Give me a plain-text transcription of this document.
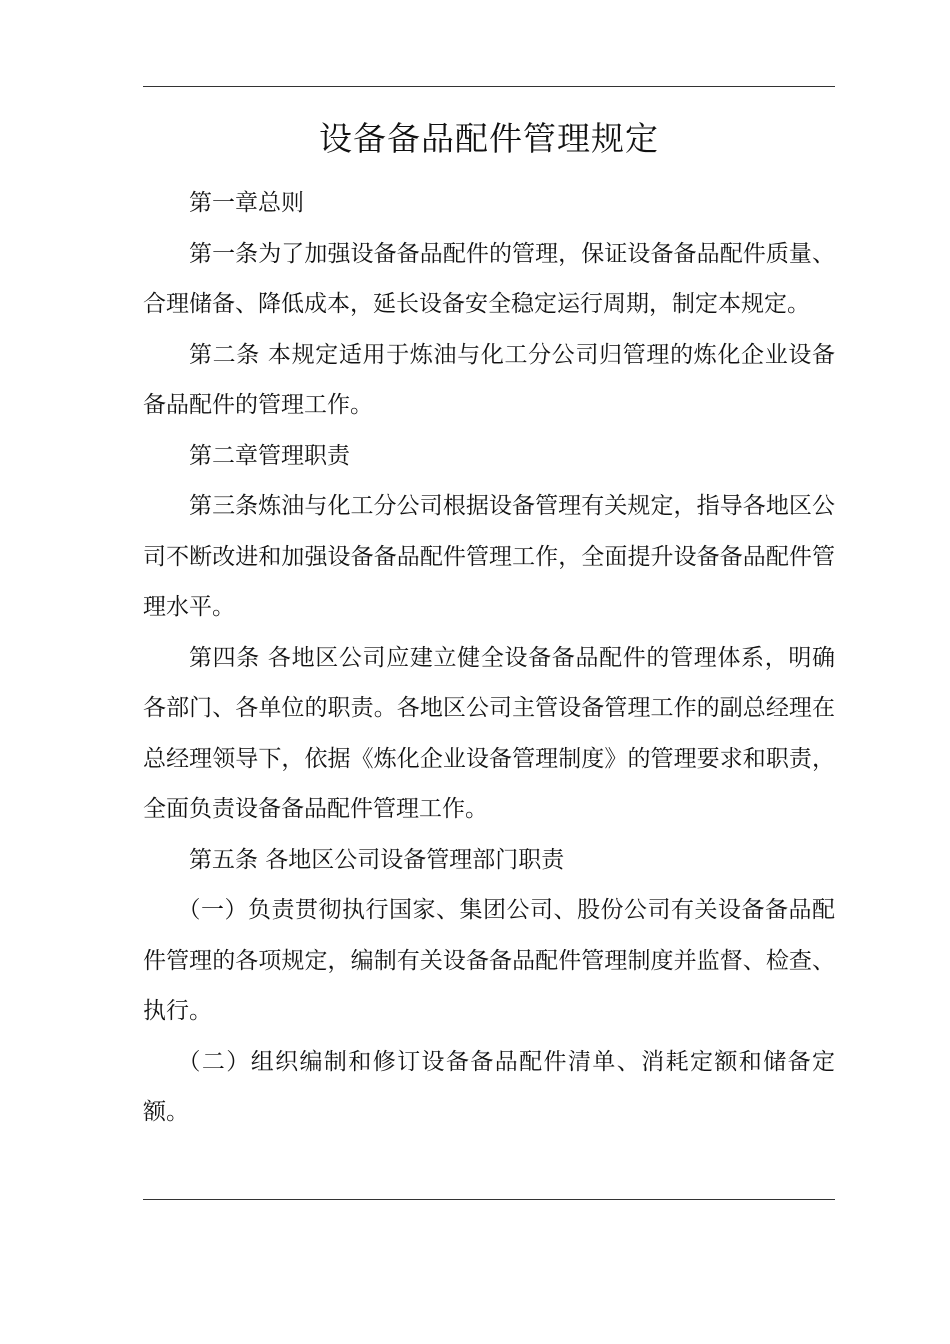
设备备品配件管理规定

第一章总则

第一条为了加强设备备品配件的管理，保证设备备品配件质量、合理储备、降低成本，延长设备安全稳定运行周期，制定本规定。

第二条 本规定适用于炼油与化工分公司归管理的炼化企业设备备品配件的管理工作。

第二章管理职责

第三条炼油与化工分公司根据设备管理有关规定，指导各地区公司不断改进和加强设备备品配件管理工作，全面提升设备备品配件管理水平。

第四条 各地区公司应建立健全设备备品配件的管理体系，明确各部门、各单位的职责。各地区公司主管设备管理工作的副总经理在总经理领导下，依据《炼化企业设备管理制度》的管理要求和职责，全面负责设备备品配件管理工作。

第五条 各地区公司设备管理部门职责

（一）负责贯彻执行国家、集团公司、股份公司有关设备备品配件管理的各项规定，编制有关设备备品配件管理制度并监督、检查、执行。

（二）组织编制和修订设备备品配件清单、消耗定额和储备定额。
